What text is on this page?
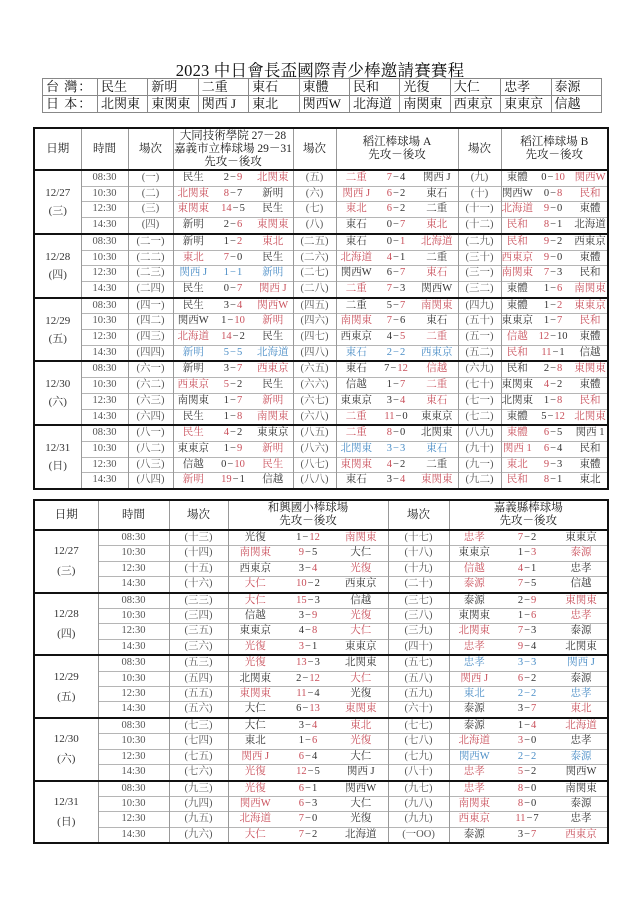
2023 中日會長盃國際青少棒邀請賽賽程
台 灣：	民生	新明	二重	東石	東體	民和	光復	大仁	忠孝	泰源
日 本：	北関東	東関東	関西 J	東北	関西W	北海道	南関東	西東京	東東京	信越
日期	時間	場次	大同技術學院 27－28
嘉義市立棒球場 29－31
先攻－後攻			場次	稻江棒球場 A
先攻－後攻			場次	稻江棒球場 B
先攻－後攻		

12/27
(三)	08:30	(一)	民生	2−9	北関東	(五)	二重	7−4	関西 J	(九)	東體	0−10	関西W
	10:30	(二)	北関東	8−7	新明	(六)	関西 J	6−2	東石	(十)	関西W	0−8	民和
	12:30	(三)	東関東	14−5	民生	(七)	東北	6−2	二重	(十一)	北海道	9−0	東體
	14:30	(四)	新明	2−6	東関東	(八)	東石	0−7	東北	(十二)	民和	8−1	北海道

12/28
(四)	08:30	(二一)	新明	1−2	東北	(二五)	東石	0−1	北海道	(二九)	民和	9−2	西東京
	10:30	(二二)	東北	7−0	民生	(二六)	北海道	4−1	二重	(三十)	西東京	9−0	東體
	12:30	(二三)	関西 J	1−1	新明	(二七)	関西W	6−7	東石	(三一)	南関東	7−3	民和
	14:30	(二四)	民生	0−7	関西 J	(二八)	二重	7−3	関西W	(三二)	東體	1−6	南関東

12/29
(五)	08:30	(四一)	民生	3−4	関西W	(四五)	二重	5−7	南関東	(四九)	東體	1−2	東東京
	10:30	(四二)	関西W	1−10	新明	(四六)	南関東	7−6	東石	(五十)	東東京	1−7	民和
	12:30	(四三)	北海道	14−2	民生	(四七)	西東京	4−5	二重	(五一)	信越	12−10	東體
	14:30	(四四)	新明	5−5	北海道	(四八)	東石	2−2	西東京	(五二)	民和	11−1	信越

12/30
(六)	08:30	(六一)	新明	3−7	西東京	(六五)	東石	7−12	信越	(六九)	民和	2−8	東関東
	10:30	(六二)	西東京	5−2	民生	(六六)	信越	1−7	二重	(七十)	東関東	4−2	東體
	12:30	(六三)	南関東	1−7	新明	(六七)	東東京	3−4	東石	(七一)	北関東	1−8	民和
	14:30	(六四)	民生	1−8	南関東	(六八)	二重	11−0	東東京	(七二)	東體	5−12	北関東

12/31
(日)	08:30	(八一)	民生	4−2	東東京	(八五)	二重	8−0	北関東	(八九)	東體	6−5	関西 1
	10:30	(八二)	東東京	1−9	新明	(八六)	北関東	3−3	東石	(九十)	関西 1	6−4	民和
	12:30	(八三)	信越	0−10	民生	(八七)	東関東	4−2	二重	(九一)	東北	9−3	東體
	14:30	(八四)	新明	19−1	信越	(八八)	東石	3−4	東関東	(九二)	民和	8−1	東北
日期	時間	場次	和興國小棒球場
先攻－後攻			場次	嘉義縣棒球場
先攻－後攻		

12/27
(三)	08:30	(十三)	光復	1−12	南関東	(十七)	忠孝	7−2	東東京
	10:30	(十四)	南関東	9−5	大仁	(十八)	東東京	1−3	泰源
	12:30	(十五)	西東京	3−4	光復	(十九)	信越	4−1	忠孝
	14:30	(十六)	大仁	10−2	西東京	(二十)	泰源	7−5	信越

12/28
(四)	08:30	(三三)	大仁	15−3	信越	(三七)	泰源	2−9	東関東
	10:30	(三四)	信越	3−9	光復	(三八)	東関東	1−6	忠孝
	12:30	(三五)	東東京	4−8	大仁	(三九)	北関東	7−3	泰源
	14:30	(三六)	光復	3−1	東東京	(四十)	忠孝	9−4	北関東

12/29
(五)	08:30	(五三)	光復	13−3	北関東	(五七)	忠孝	3−3	関西 J
	10:30	(五四)	北関東	2−12	大仁	(五八)	関西 J	6−2	泰源
	12:30	(五五)	東関東	11−4	光復	(五九)	東北	2−2	忠孝
	14:30	(五六)	大仁	6−13	東関東	(六十)	泰源	3−7	東北

12/30
(六)	08:30	(七三)	大仁	3−4	東北	(七七)	泰源	1−4	北海道
	10:30	(七四)	東北	1−6	光復	(七八)	北海道	3−0	忠孝
	12:30	(七五)	関西 J	6−4	大仁	(七九)	関西W	2−2	泰源
	14:30	(七六)	光復	12−5	関西 J	(八十)	忠孝	5−2	関西W

12/31
(日)	08:30	(九三)	光復	6−1	関西W	(九七)	忠孝	8−0	南関東
	10:30	(九四)	関西W	6−3	大仁	(九八)	南関東	8−0	泰源
	12:30	(九五)	北海道	7−0	光復	(九九)	西東京	11−7	忠孝
	14:30	(九六)	大仁	7−2	北海道	(一OO)	泰源	3−7	西東京
